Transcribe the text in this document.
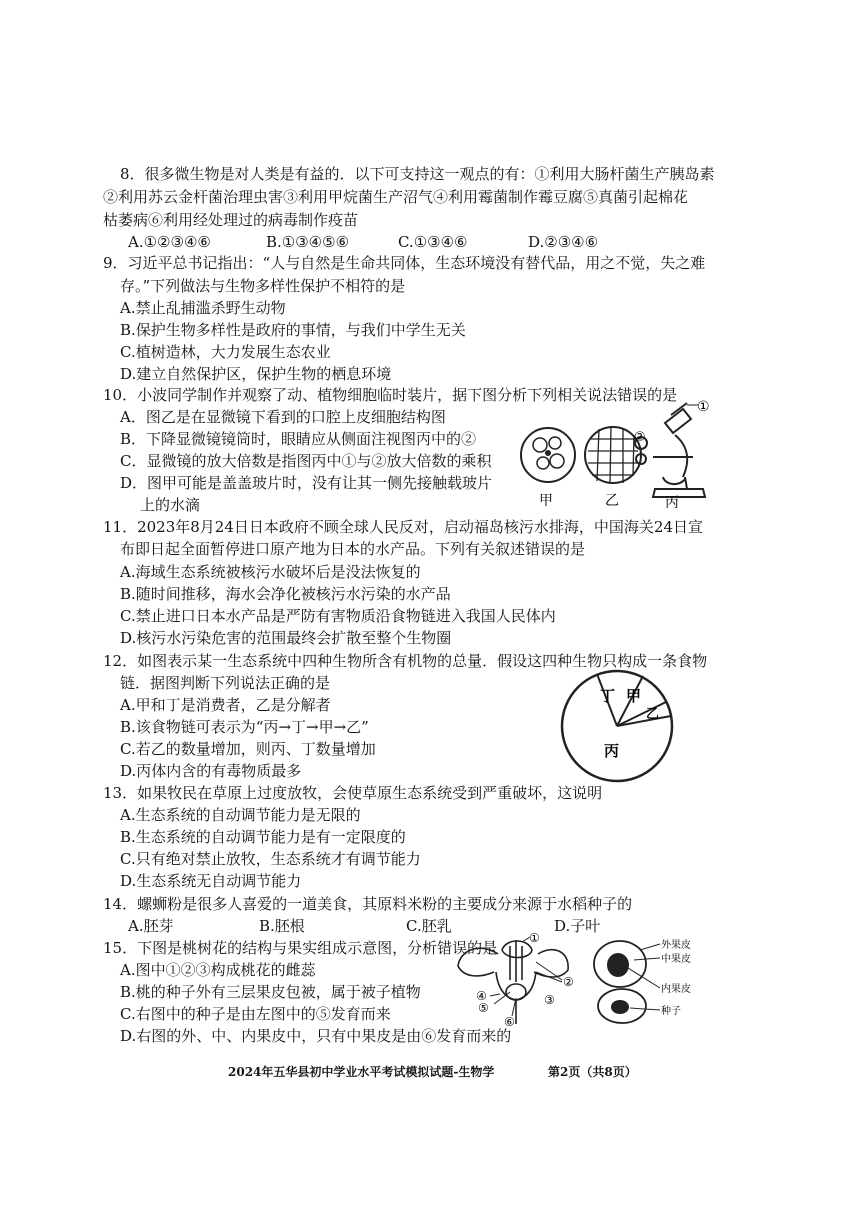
8．很多微生物是对人类是有益的．以下可支持这一观点的有：①利用大肠杆菌生产胰岛素
②利用苏云金杆菌治理虫害③利用甲烷菌生产沼气④利用霉菌制作霉豆腐⑤真菌引起棉花
枯萎病⑥利用经处理过的病毒制作疫苗
A.①②③④⑥	B.①③④⑤⑥	C.①③④⑥	D.②③④⑥
9．习近平总书记指出：“人与自然是生命共同体，生态环境没有替代品，用之不觉，失之难
存。”下列做法与生物多样性保护不相符的是
A.禁止乱捕滥杀野生动物
B.保护生物多样性是政府的事情，与我们中学生无关
C.植树造林，大力发展生态农业
D.建立自然保护区，保护生物的栖息环境
10．小波同学制作并观察了动、植物细胞临时装片，据下图分析下列相关说法错误的是
A．图乙是在显微镜下看到的口腔上皮细胞结构图
B．下降显微镜镜筒时，眼睛应从侧面注视图丙中的②
C．显微镜的放大倍数是指图丙中①与②放大倍数的乘积
D．图甲可能是盖盖玻片时，没有让其一侧先接触载玻片
上的水滴
①
②
甲	乙	丙
11．2023年8月24日日本政府不顾全球人民反对，启动福岛核污水排海，中国海关24日宣
布即日起全面暂停进口原产地为日本的水产品。下列有关叙述错误的是
A.海域生态系统被核污水破坏后是没法恢复的
B.随时间推移，海水会净化被核污水污染的水产品
C.禁止进口日本水产品是严防有害物质沿食物链进入我国人民体内
D.核污水污染危害的范围最终会扩散至整个生物圈
12．如图表示某一生态系统中四种生物所含有机物的总量．假设这四种生物只构成一条食物
链．据图判断下列说法正确的是
A.甲和丁是消费者，乙是分解者
B.该食物链可表示为“丙→丁→甲→乙”
C.若乙的数量增加，则丙、丁数量增加
D.丙体内含的有毒物质最多
丁 甲
乙
丙
13．如果牧民在草原上过度放牧，会使草原生态系统受到严重破坏，这说明
A.生态系统的自动调节能力是无限的
B.生态系统的自动调节能力是有一定限度的
C.只有绝对禁止放牧，生态系统才有调节能力
D.生态系统无自动调节能力
14．螺蛳粉是很多人喜爱的一道美食，其原料米粉的主要成分来源于水稻种子的
A.胚芽	B.胚根	C.胚乳	D.子叶
15．下图是桃树花的结构与果实组成示意图，分析错误的是
A.图中①②③构成桃花的雌蕊
B.桃的种子外有三层果皮包被，属于被子植物
C.右图中的种子是由左图中的⑤发育而来
D.右图的外、中、内果皮中，只有中果皮是由⑥发育而来的
①
②
③
④
⑤
⑥
外果皮
中果皮
内果皮
种子
2024年五华县初中学业水平考试模拟试题-生物学	第2页（共8页）
